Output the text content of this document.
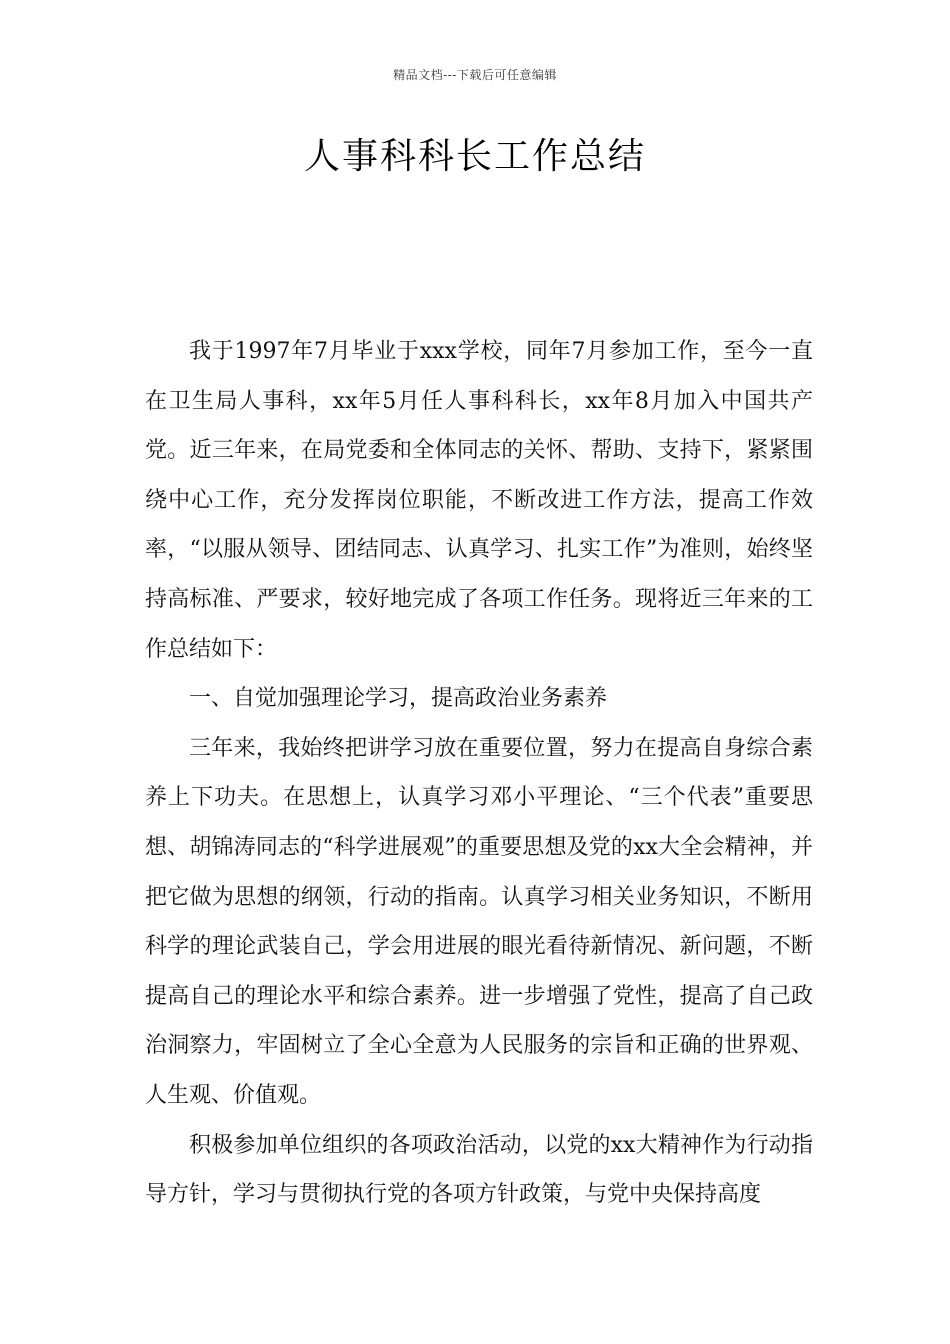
精品文档---下载后可任意编辑
人事科科长工作总结

我于1997年7月毕业于xxx学校，同年7月参加工作，至今一直在卫生局人事科，xx年5月任人事科科长，xx年8月加入中国共产党。近三年来，在局党委和全体同志的关怀、帮助、支持下，紧紧围绕中心工作，充分发挥岗位职能，不断改进工作方法，提高工作效率，“以服从领导、团结同志、认真学习、扎实工作”为准则，始终坚持高标准、严要求，较好地完成了各项工作任务。现将近三年来的工作总结如下：

一、自觉加强理论学习，提高政治业务素养

三年来，我始终把讲学习放在重要位置，努力在提高自身综合素养上下功夫。在思想上，认真学习邓小平理论、“三个代表”重要思想、胡锦涛同志的“科学进展观”的重要思想及党的xx大全会精神，并把它做为思想的纲领，行动的指南。认真学习相关业务知识，不断用科学的理论武装自己，学会用进展的眼光看待新情况、新问题，不断提高自己的理论水平和综合素养。进一步增强了党性，提高了自己政治洞察力，牢固树立了全心全意为人民服务的宗旨和正确的世界观、人生观、价值观。

积极参加单位组织的各项政治活动，以党的xx大精神作为行动指导方针，学习与贯彻执行党的各项方针政策，与党中央保持高度
